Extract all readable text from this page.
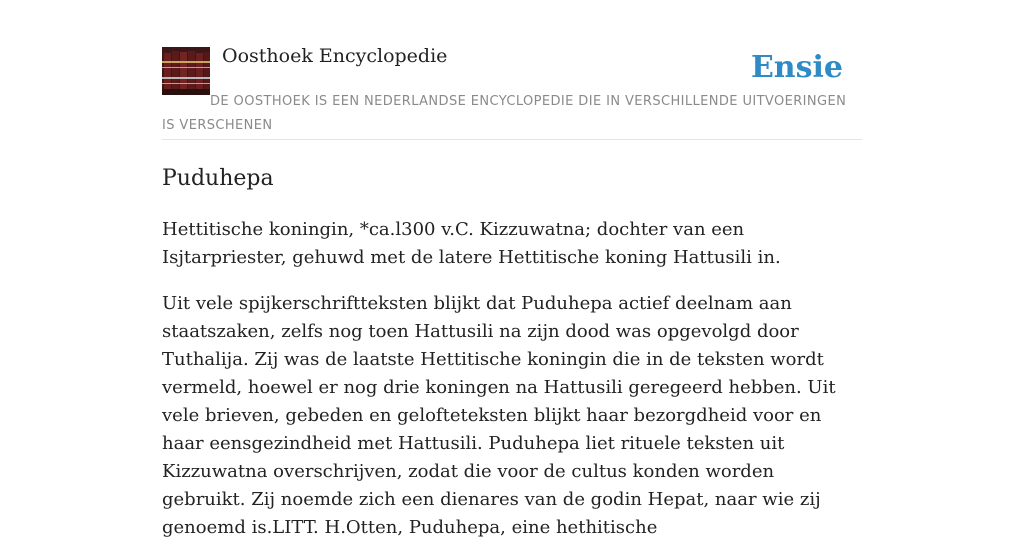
Oosthoek Encyclopedie	Ensie
DE OOSTHOEK IS EEN NEDERLANDSE ENCYCLOPEDIE DIE IN VERSCHILLENDE UITVOERINGEN IS VERSCHENEN
Puduhepa

Hettitische koningin, *ca.l300 v.C. Kizzuwatna; dochter van een Isjtarpriester, gehuwd met de latere Hettitische koning Hattusili in.

Uit vele spijkerschriftteksten blijkt dat Puduhepa actief deelnam aan staatszaken, zelfs nog toen Hattusili na zijn dood was opgevolgd door Tuthalija. Zij was de laatste Hettitische koningin die in de teksten wordt vermeld, hoewel er nog drie koningen na Hattusili geregeerd hebben. Uit vele brieven, gebeden en gelofteteksten blijkt haar bezorgdheid voor en haar eensgezindheid met Hattusili. Puduhepa liet rituele teksten uit Kizzuwatna overschrijven, zodat die voor de cultus konden worden gebruikt. Zij noemde zich een dienares van de godin Hepat, naar wie zij genoemd is.LITT. H.Otten, Puduhepa, eine hethitische
